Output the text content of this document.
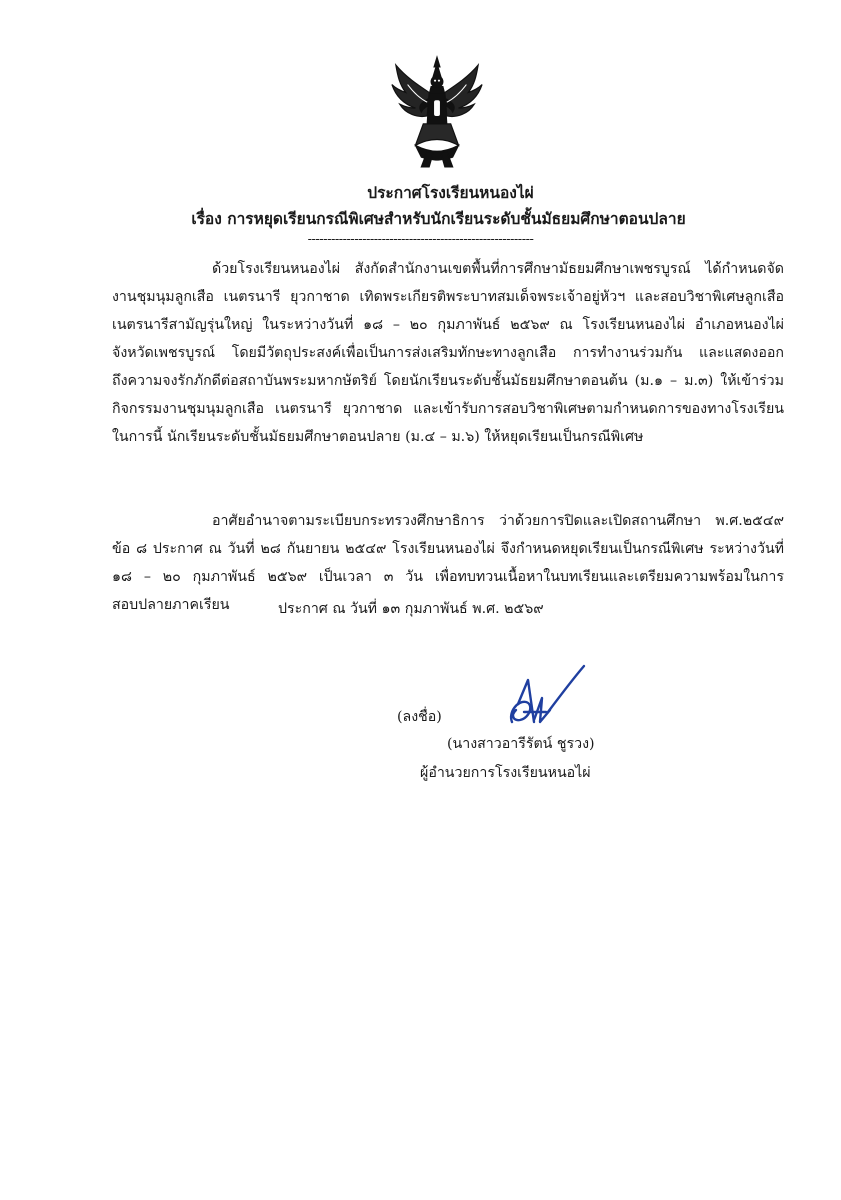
ประกาศโรงเรียนหนองไผ่
เรื่อง การหยุดเรียนกรณีพิเศษสำหรับนักเรียนระดับชั้นมัธยมศึกษาตอนปลาย
----------------------------------------------------------
ด้วยโรงเรียนหนองไผ่ สังกัดสำนักงานเขตพื้นที่การศึกษามัธยมศึกษาเพชรบูรณ์ ได้กำหนดจัด
งานชุมนุมลูกเสือ เนตรนารี ยุวกาชาด เทิดพระเกียรติพระบาทสมเด็จพระเจ้าอยู่หัวฯ และสอบวิชาพิเศษลูกเสือ
เนตรนารีสามัญรุ่นใหญ่ ในระหว่างวันที่ ๑๘ – ๒๐ กุมภาพันธ์ ๒๕๖๙ ณ โรงเรียนหนองไผ่ อำเภอหนองไผ่
จังหวัดเพชรบูรณ์ โดยมีวัตถุประสงค์เพื่อเป็นการส่งเสริมทักษะทางลูกเสือ การทำงานร่วมกัน และแสดงออก
ถึงความจงรักภักดีต่อสถาบันพระมหากษัตริย์ โดยนักเรียนระดับชั้นมัธยมศึกษาตอนต้น (ม.๑ – ม.๓) ให้เข้าร่วม
กิจกรรมงานชุมนุมลูกเสือ เนตรนารี ยุวกาชาด และเข้ารับการสอบวิชาพิเศษตามกำหนดการของทางโรงเรียน
ในการนี้ นักเรียนระดับชั้นมัธยมศึกษาตอนปลาย (ม.๔ – ม.๖) ให้หยุดเรียนเป็นกรณีพิเศษ
อาศัยอำนาจตามระเบียบกระทรวงศึกษาธิการ ว่าด้วยการปิดและเปิดสถานศึกษา พ.ศ.๒๕๔๙
ข้อ ๘ ประกาศ ณ วันที่ ๒๘ กันยายน ๒๕๔๙ โรงเรียนหนองไผ่ จึงกำหนดหยุดเรียนเป็นกรณีพิเศษ ระหว่างวันที่
๑๘ – ๒๐ กุมภาพันธ์ ๒๕๖๙ เป็นเวลา ๓ วัน เพื่อทบทวนเนื้อหาในบทเรียนและเตรียมความพร้อมในการ
สอบปลายภาคเรียน	ประกาศ ณ วันที่ ๑๓ กุมภาพันธ์ พ.ศ. ๒๕๖๙
(ลงชื่อ)
(นางสาวอารีรัตน์ ชูรวง)
ผู้อำนวยการโรงเรียนหนอไผ่
